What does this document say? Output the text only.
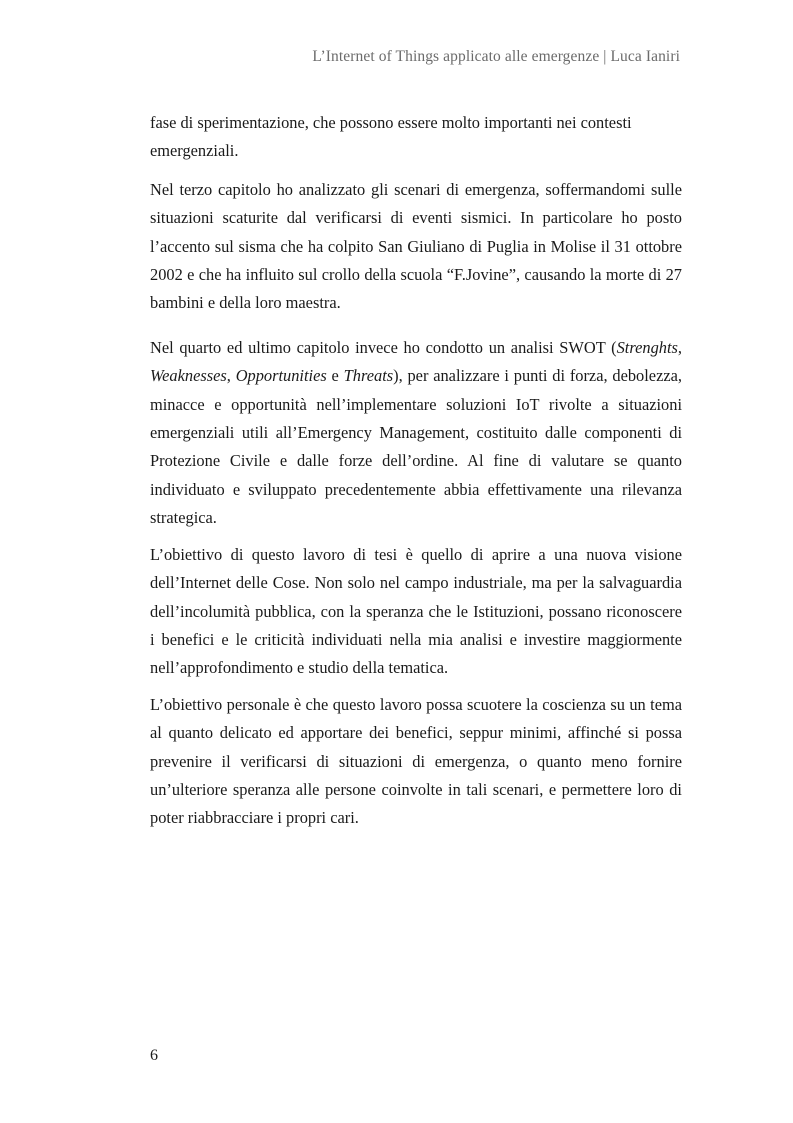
L’Internet of Things applicato alle emergenze | Luca Ianiri

fase di sperimentazione, che possono essere molto importanti nei contesti emergenziali.

Nel terzo capitolo ho analizzato gli scenari di emergenza, soffermandomi sulle situazioni scaturite dal verificarsi di eventi sismici. In particolare ho posto l’accento sul sisma che ha colpito San Giuliano di Puglia in Molise il 31 ottobre 2002 e che ha influito sul crollo della scuola “F.Jovine”, causando la morte di 27 bambini e della loro maestra.

Nel quarto ed ultimo capitolo invece ho condotto un analisi SWOT (Strenghts, Weaknesses, Opportunities e Threats), per analizzare i punti di forza, debolezza, minacce e opportunità nell’implementare soluzioni IoT rivolte a situazioni emergenziali utili all’Emergency Management, costituito dalle componenti di Protezione Civile e dalle forze dell’ordine. Al fine di valutare se quanto individuato e sviluppato precedentemente abbia effettivamente una rilevanza strategica.

L’obiettivo di questo lavoro di tesi è quello di aprire a una nuova visione dell’Internet delle Cose. Non solo nel campo industriale, ma per la salvaguardia dell’incolumità pubblica, con la speranza che le Istituzioni, possano riconoscere i benefici e le criticità individuati nella mia analisi e investire maggiormente nell’approfondimento e studio della tematica.

L’obiettivo personale è che questo lavoro possa scuotere la coscienza su un tema al quanto delicato ed apportare dei benefici, seppur minimi, affinché si possa prevenire il verificarsi di situazioni di emergenza, o quanto meno fornire un’ulteriore speranza alle persone coinvolte in tali scenari, e permettere loro di poter riabbracciare i propri cari.

6
